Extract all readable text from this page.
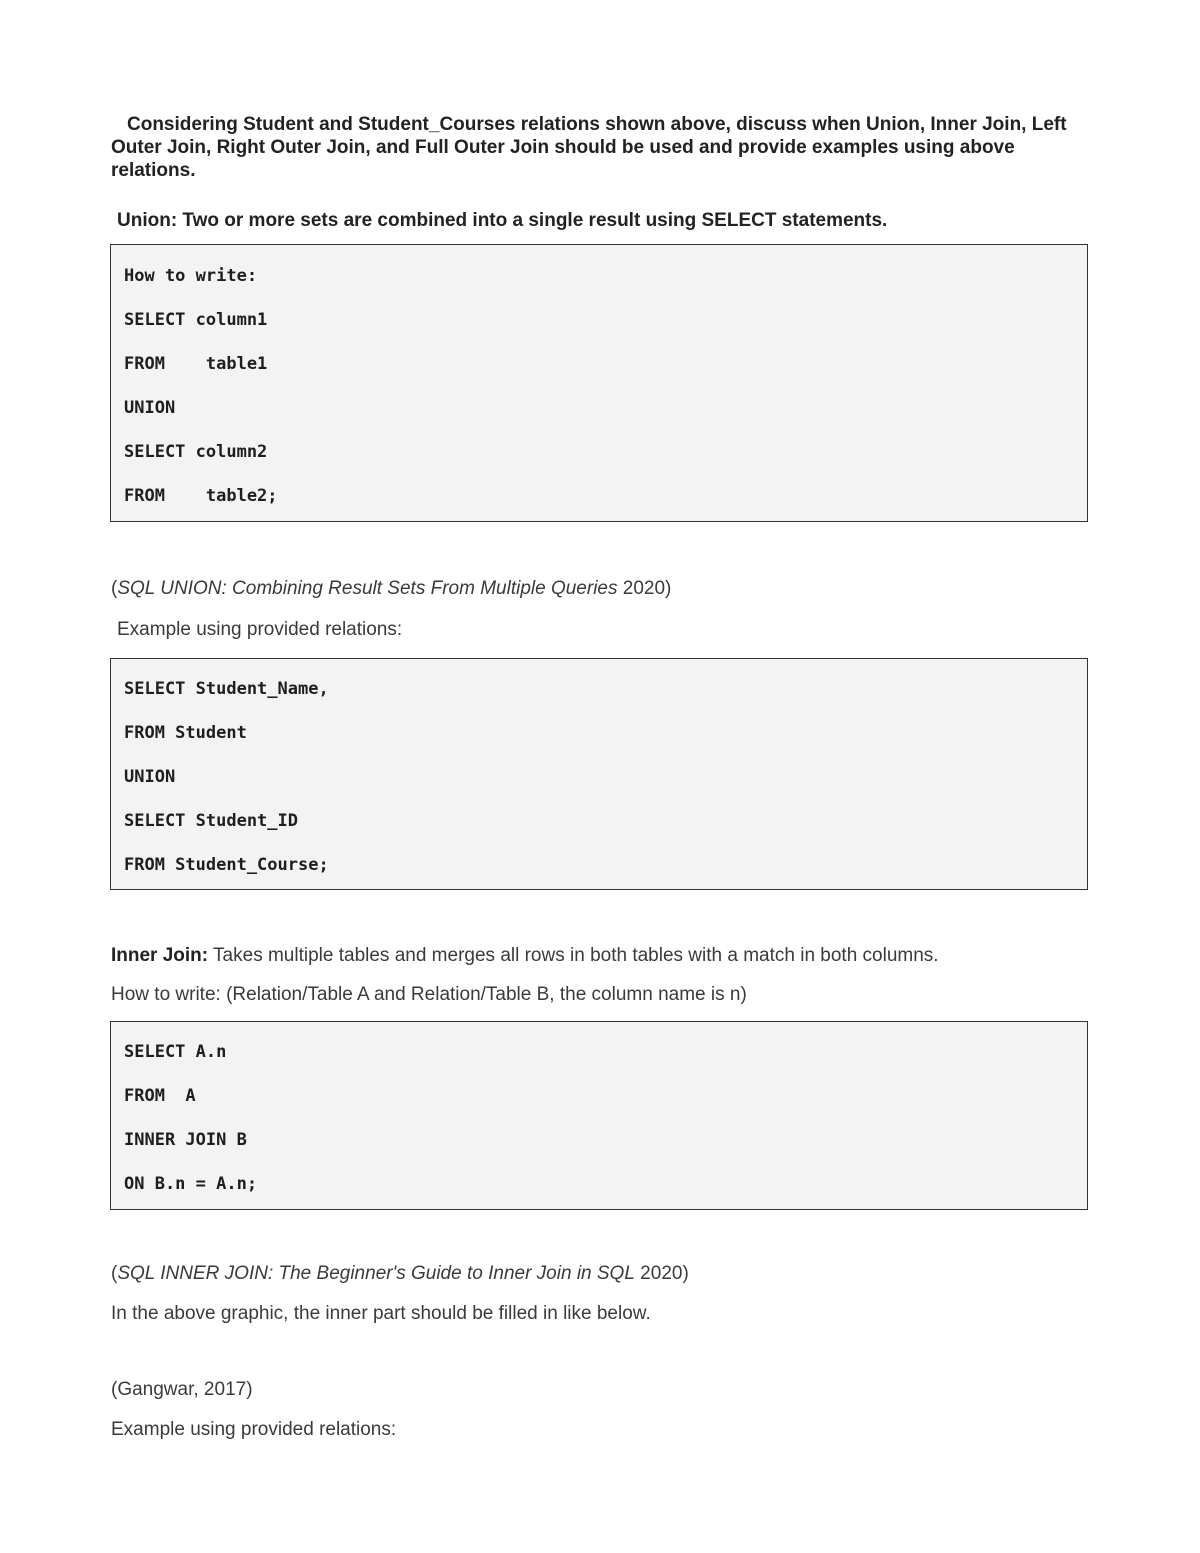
Considering Student and Student_Courses relations shown above, discuss when Union, Inner Join, Left Outer Join, Right Outer Join, and Full Outer Join should be used and provide examples using above relations.
Union: Two or more sets are combined into a single result using SELECT statements.
How to write:
SELECT column1
FROM    table1
UNION
SELECT column2
FROM    table2;
(SQL UNION: Combining Result Sets From Multiple Queries 2020)
Example using provided relations:
SELECT Student_Name,
FROM Student
UNION
SELECT Student_ID
FROM Student_Course;
Inner Join: Takes multiple tables and merges all rows in both tables with a match in both columns.
How to write: (Relation/Table A and Relation/Table B, the column name is n)
SELECT A.n
FROM  A
INNER JOIN B
ON B.n = A.n;
(SQL INNER JOIN: The Beginner's Guide to Inner Join in SQL 2020)
In the above graphic, the inner part should be filled in like below.
(Gangwar, 2017)
Example using provided relations:
